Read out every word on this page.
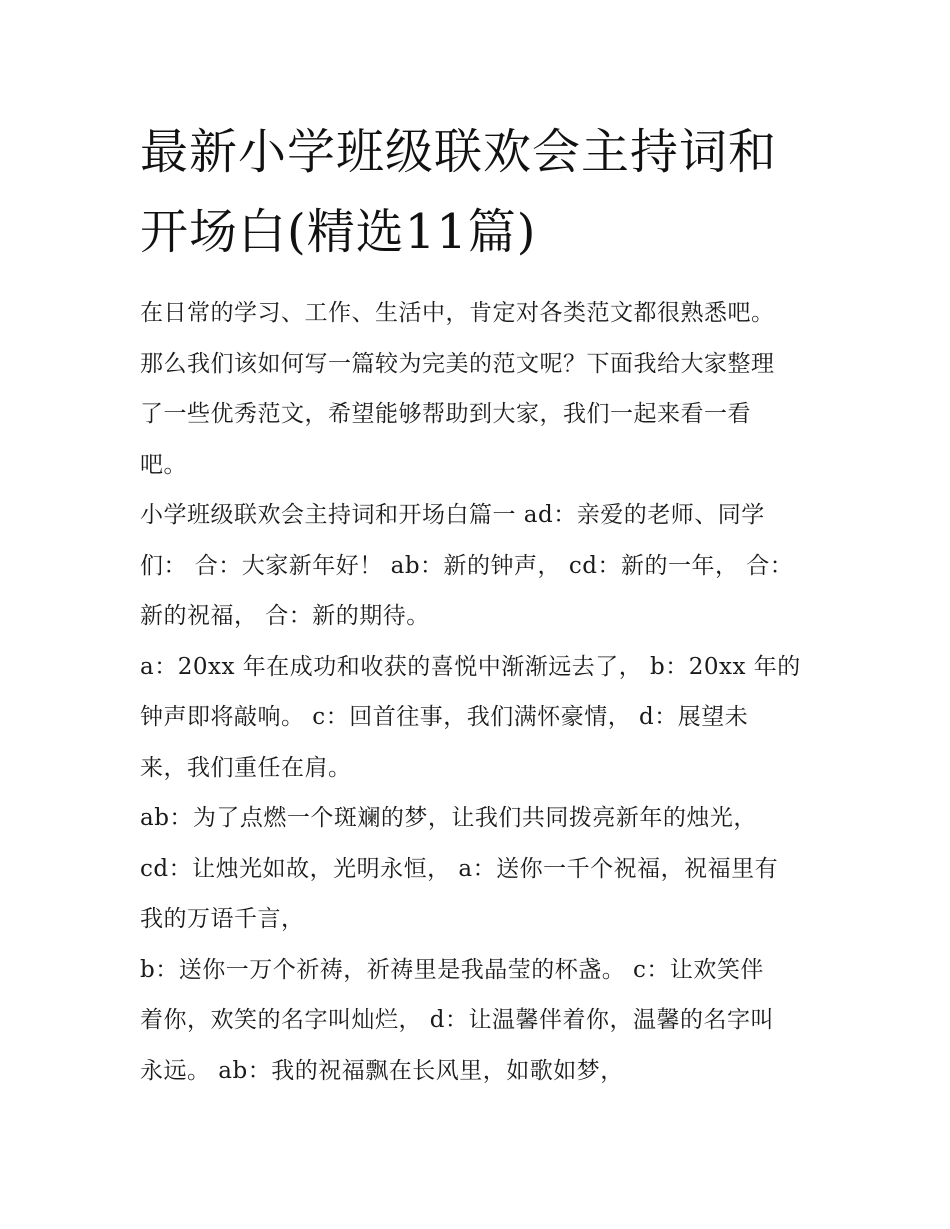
最新小学班级联欢会主持词和
开场白(精选11篇)

在日常的学习、工作、生活中，肯定对各类范文都很熟悉吧。
那么我们该如何写一篇较为完美的范文呢？下面我给大家整理
了一些优秀范文，希望能够帮助到大家，我们一起来看一看
吧。

小学班级联欢会主持词和开场白篇一 ad：亲爱的老师、同学
们： 合：大家新年好！ ab：新的钟声， cd：新的一年， 合：
新的祝福， 合：新的期待。

a：20xx 年在成功和收获的喜悦中渐渐远去了， b：20xx 年的
钟声即将敲响。 c：回首往事，我们满怀豪情， d：展望未
来，我们重任在肩。

ab：为了点燃一个斑斓的梦，让我们共同拨亮新年的烛光，
cd：让烛光如故，光明永恒， a：送你一千个祝福，祝福里有
我的万语千言，

b：送你一万个祈祷，祈祷里是我晶莹的杯盏。 c：让欢笑伴
着你，欢笑的名字叫灿烂， d：让温馨伴着你，温馨的名字叫
永远。 ab：我的祝福飘在长风里，如歌如梦，
